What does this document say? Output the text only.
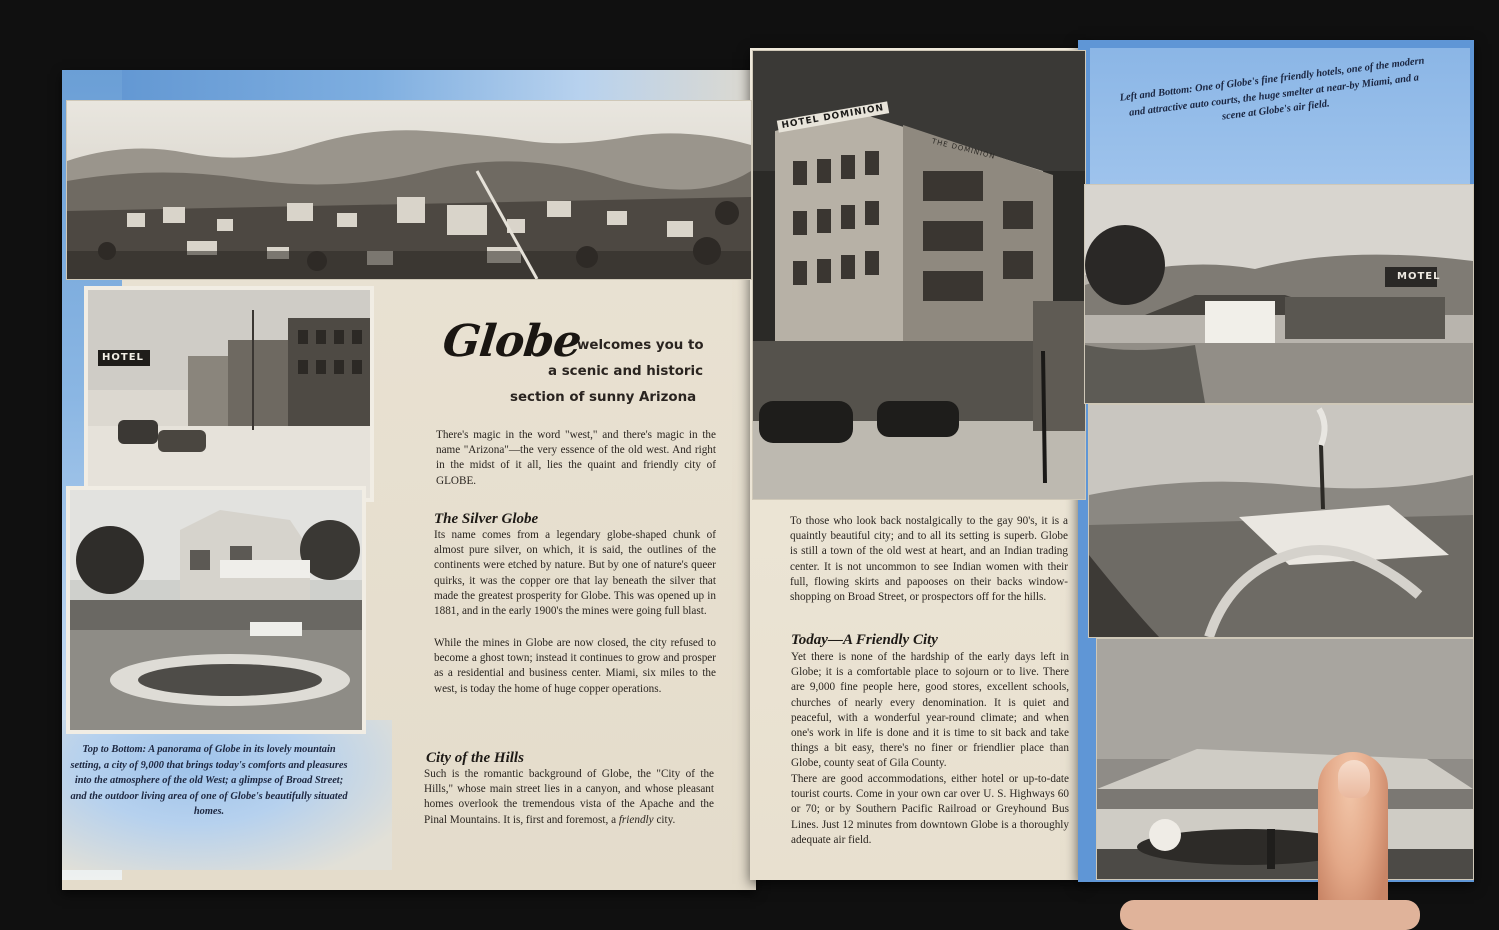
HOTEL
HOTEL DOMINION
THE DOMINION
MOTEL
Globe
welcomes you to
a scenic and historic
section of sunny Arizona

There's magic in the word "west," and there's magic in the name "Arizona"—the very essence of the old west. And right in the midst of it all, lies the quaint and friendly city of GLOBE.

The Silver Globe

Its name comes from a legendary globe-shaped chunk of almost pure silver, on which, it is said, the outlines of the continents were etched by nature. But by one of nature's queer quirks, it was the copper ore that lay beneath the silver that made the greatest prosperity for Globe. This was opened up in 1881, and in the early 1900's the mines were going full blast.

While the mines in Globe are now closed, the city refused to become a ghost town; instead it continues to grow and prosper as a residential and business center. Miami, six miles to the west, is today the home of huge copper operations.

City of the Hills

Such is the romantic background of Globe, the "City of the Hills," whose main street lies in a canyon, and whose pleasant homes overlook the tremendous vista of the Apache and the Pinal Mountains. It is, first and foremost, a friendly city.

To those who look back nostalgically to the gay 90's, it is a quaintly beautiful city; and to all its setting is superb. Globe is still a town of the old west at heart, and an Indian trading center. It is not uncommon to see Indian women with their full, flowing skirts and papooses on their backs window-shopping on Broad Street, or prospectors off for the hills.

Today—A Friendly City

Yet there is none of the hardship of the early days left in Globe; it is a comfortable place to sojourn or to live. There are 9,000 fine people here, good stores, excellent schools, churches of nearly every denomination. It is quiet and peaceful, with a wonderful year-round climate; and when one's work in life is done and it is time to sit back and take things a bit easy, there's no finer or friendlier place than Globe, county seat of Gila County.

There are good accommodations, either hotel or up-to-date tourist courts. Come in your own car over U. S. Highways 60 or 70; or by Southern Pacific Railroad or Greyhound Bus Lines. Just 12 minutes from downtown Globe is a thoroughly adequate air field.

Top to Bottom: A panorama of Globe in its lovely mountain setting, a city of 9,000 that brings today's comforts and pleasures into the atmosphere of the old West; a glimpse of Broad Street; and the outdoor living area of one of Globe's beautifully situated homes.

Left and Bottom: One of Globe's fine friendly hotels, one of the modern and attractive auto courts, the huge smelter at near-by Miami, and a scene at Globe's air field.
